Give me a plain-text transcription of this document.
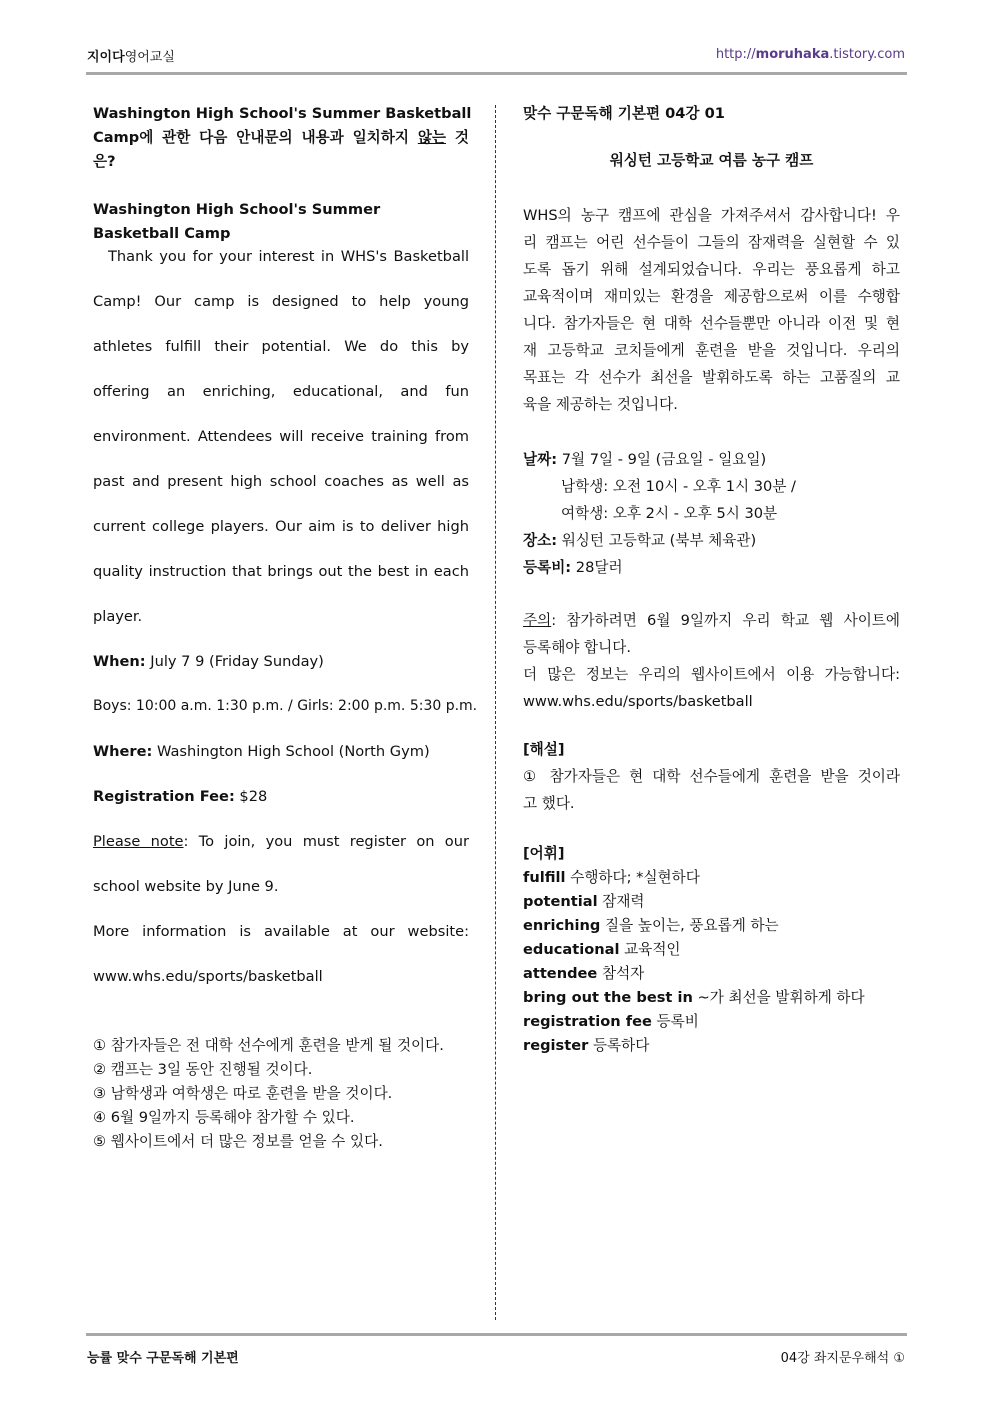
지이다영어교실	http://moruhaka.tistory.com
Washington High School's Summer Basketball
Camp에 관한 다음 안내문의 내용과 일치하지 않는 것
은?
Washington High School's Summer Basketball Camp
Thank you for your interest in WHS's Basketball
Camp! Our camp is designed to help young
athletes fulfill their potential. We do this by
offering an enriching, educational, and fun
environment. Attendees will receive training from
past and present high school coaches as well as
current college players. Our aim is to deliver high
quality instruction that brings out the best in each
player.
When: July 7 9 (Friday Sunday)
Boys: 10:00 a.m. 1:30 p.m. / Girls: 2:00 p.m. 5:30 p.m.
Where: Washington High School (North Gym)
Registration Fee: $28
Please note: To join, you must register on our
school website by June 9.
More information is available at our website:
www.whs.edu/sports/basketball
① 참가자들은 전 대학 선수에게 훈련을 받게 될 것이다.
② 캠프는 3일 동안 진행될 것이다.
③ 남학생과 여학생은 따로 훈련을 받을 것이다.
④ 6월 9일까지 등록해야 참가할 수 있다.
⑤ 웹사이트에서 더 많은 정보를 얻을 수 있다.
맞수 구문독해 기본편 04강 01
워싱턴 고등학교 여름 농구 캠프
WHS의 농구 캠프에 관심을 가져주셔서 감사합니다! 우
리 캠프는 어린 선수들이 그들의 잠재력을 실현할 수 있
도록 돕기 위해 설계되었습니다. 우리는 풍요롭게 하고
교육적이며 재미있는 환경을 제공함으로써 이를 수행합
니다. 참가자들은 현 대학 선수들뿐만 아니라 이전 및 현
재 고등학교 코치들에게 훈련을 받을 것입니다. 우리의
목표는 각 선수가 최선을 발휘하도록 하는 고품질의 교
육을 제공하는 것입니다.
날짜: 7월 7일 - 9일 (금요일 - 일요일)
남학생: 오전 10시 - 오후 1시 30분 /
여학생: 오후 2시 - 오후 5시 30분
장소: 워싱턴 고등학교 (북부 체육관)
등록비: 28달러
주의: 참가하려면 6월 9일까지 우리 학교 웹 사이트에
등록해야 합니다.
더 많은 정보는 우리의 웹사이트에서 이용 가능합니다:
www.whs.edu/sports/basketball
[해설]
① 참가자들은 현 대학 선수들에게 훈련을 받을 것이라
고 했다.
[어휘]
fulfill 수행하다; *실현하다
potential 잠재력
enriching 질을 높이는, 풍요롭게 하는
educational 교육적인
attendee 참석자
bring out the best in ~가 최선을 발휘하게 하다
registration fee 등록비
register 등록하다
능률 맞수 구문독해 기본편	04강 좌지문우해석 ①
